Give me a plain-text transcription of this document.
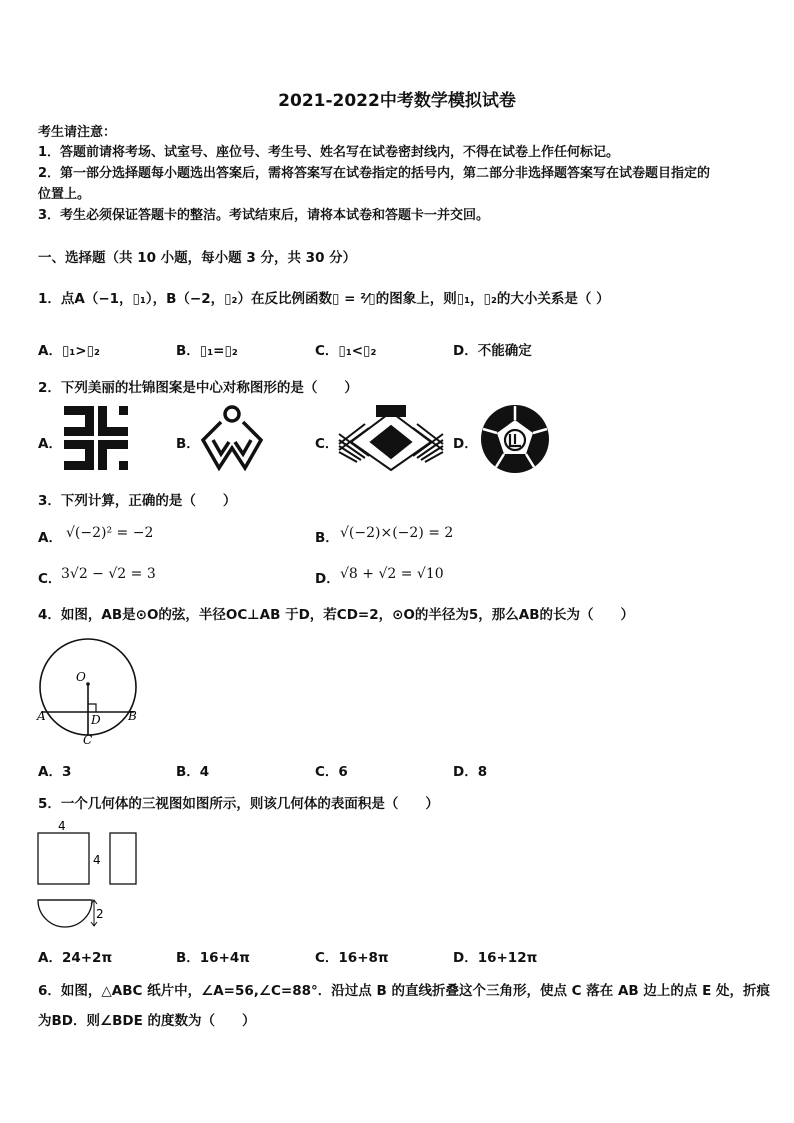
2021-2022中考数学模拟试卷
考生请注意：
1．答题前请将考场、试室号、座位号、考生号、姓名写在试卷密封线内，不得在试卷上作任何标记。
2．第一部分选择题每小题选出答案后，需将答案写在试卷指定的括号内，第二部分非选择题答案写在试卷题目指定的
位置上。
3．考生必须保证答题卡的整洁。考试结束后，请将本试卷和答题卡一并交回。
一、选择题（共 10 小题，每小题 3 分，共 30 分）
1．点A（−1，▯₁），B（−2，▯₂）在反比例函数▯ = ²⁄▯的图象上，则▯₁，▯₂的大小关系是（ ）
A．▯₁>▯₂	B．▯₁=▯₂	C．▯₁<▯₂	D．不能确定
2．下列美丽的壮锦图案是中心对称图形的是（　　）
A．	B．	C．	D．
3．下列计算，正确的是（　　）
A． √(−2)² = −2	B． √(−2)×(−2) = 2
C． 3√2 − √2 = 3	D． √8 + √2 = √10
4．如图，AB是⊙O的弦，半径OC⊥AB 于D，若CD=2，⊙O的半径为5，那么AB的长为（　　）
O
A	B
D
C
A．3	B．4	C．6	D．8
5．一个几何体的三视图如图所示，则该几何体的表面积是（　　）
4
4
2
A．24+2π	B．16+4π	C．16+8π	D．16+12π
6．如图，△ABC 纸片中，∠A=56,∠C=88°．沿过点 B 的直线折叠这个三角形，使点 C 落在 AB 边上的点 E 处，折痕
为BD．则∠BDE 的度数为（　　）
